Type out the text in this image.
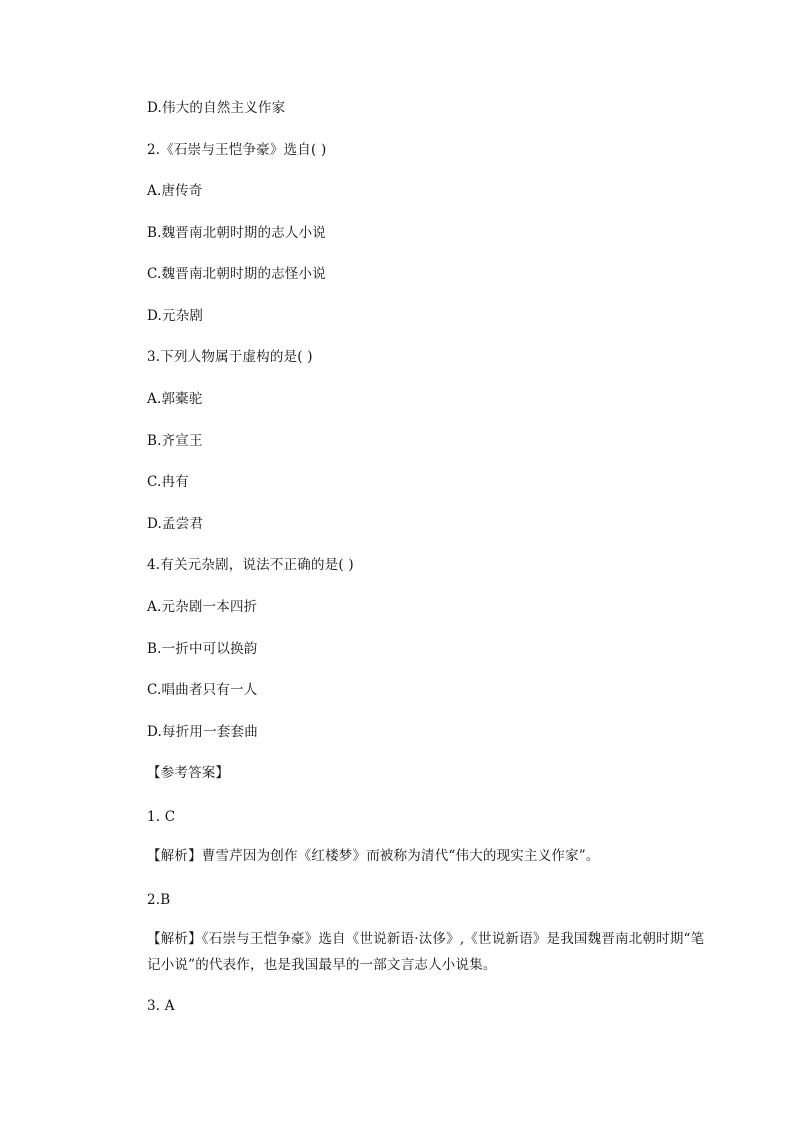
D.伟大的自然主义作家
2.《石崇与王恺争豪》选自( )
A.唐传奇
B.魏晋南北朝时期的志人小说
C.魏晋南北朝时期的志怪小说
D.元杂剧
3.下列人物属于虚构的是( )
A.郭橐驼
B.齐宣王
C.冉有
D.孟尝君
4.有关元杂剧，说法不正确的是( )
A.元杂剧一本四折
B.一折中可以换韵
C.唱曲者只有一人
D.每折用一套套曲
【参考答案】
1. C
【解析】曹雪芹因为创作《红楼梦》而被称为清代“伟大的现实主义作家”。
2.B
【解析】《石崇与王恺争豪》选自《世说新语·汰侈》,《世说新语》是我国魏晋南北朝时期“笔记小说”的代表作，也是我国最早的一部文言志人小说集。
3. A
